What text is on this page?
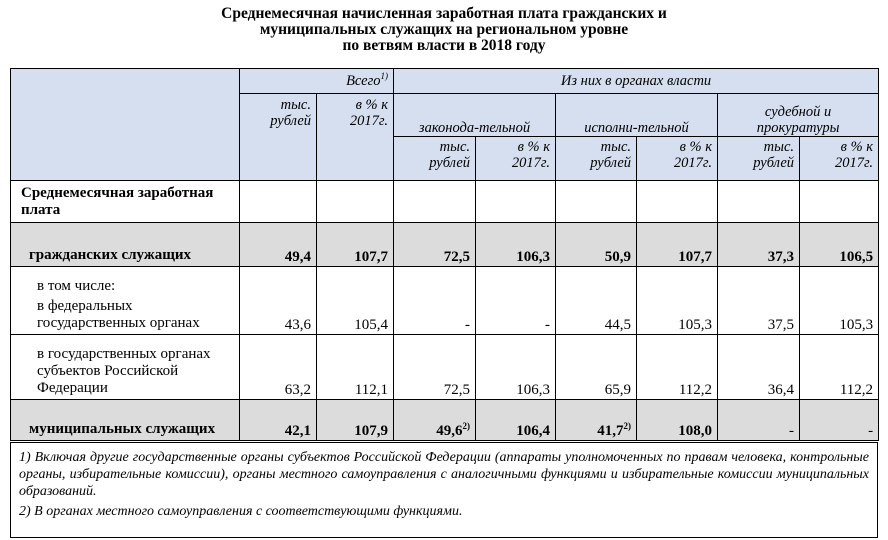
Среднемесячная начисленная заработная плата гражданских и
муниципальных служащих на региональном уровне
по ветвям власти в 2018 году
	Всего$^{1)}$		Из них в органах власти					
	тыс. рублей	в % к 2017г.	законода-тельной		исполни-тельной		судебной и прокуратуры	
			тыс. рублей	в % к 2017г.	тыс. рублей	в % к 2017г.	тыс. рублей	в % к 2017г.
Среднемесячная заработная плата								
гражданских служащих	49,4	107,7	72,5	106,3	50,9	107,7	37,3	106,5

в том числе:
в федеральных государственных органах	43,6	105,4	-	-	44,5	105,3	37,5	105,3
в государственных органах субъектов Российской Федерации	63,2	112,1	72,5	106,3	65,9	112,2	36,4	112,2
муниципальных служащих	42,1	107,9	49,6$^{2)}$	106,4	41,7$^{2)}$	108,0	-	-
1) Включая другие государственные органы субъектов Российской Федерации (аппараты уполномоченных по правам человека, контрольные органы, избирательные комиссии), органы местного самоуправления с аналогичными функциями и избирательные комиссии муниципальных образований.
2) В органах местного самоуправления с соответствующими функциями.
